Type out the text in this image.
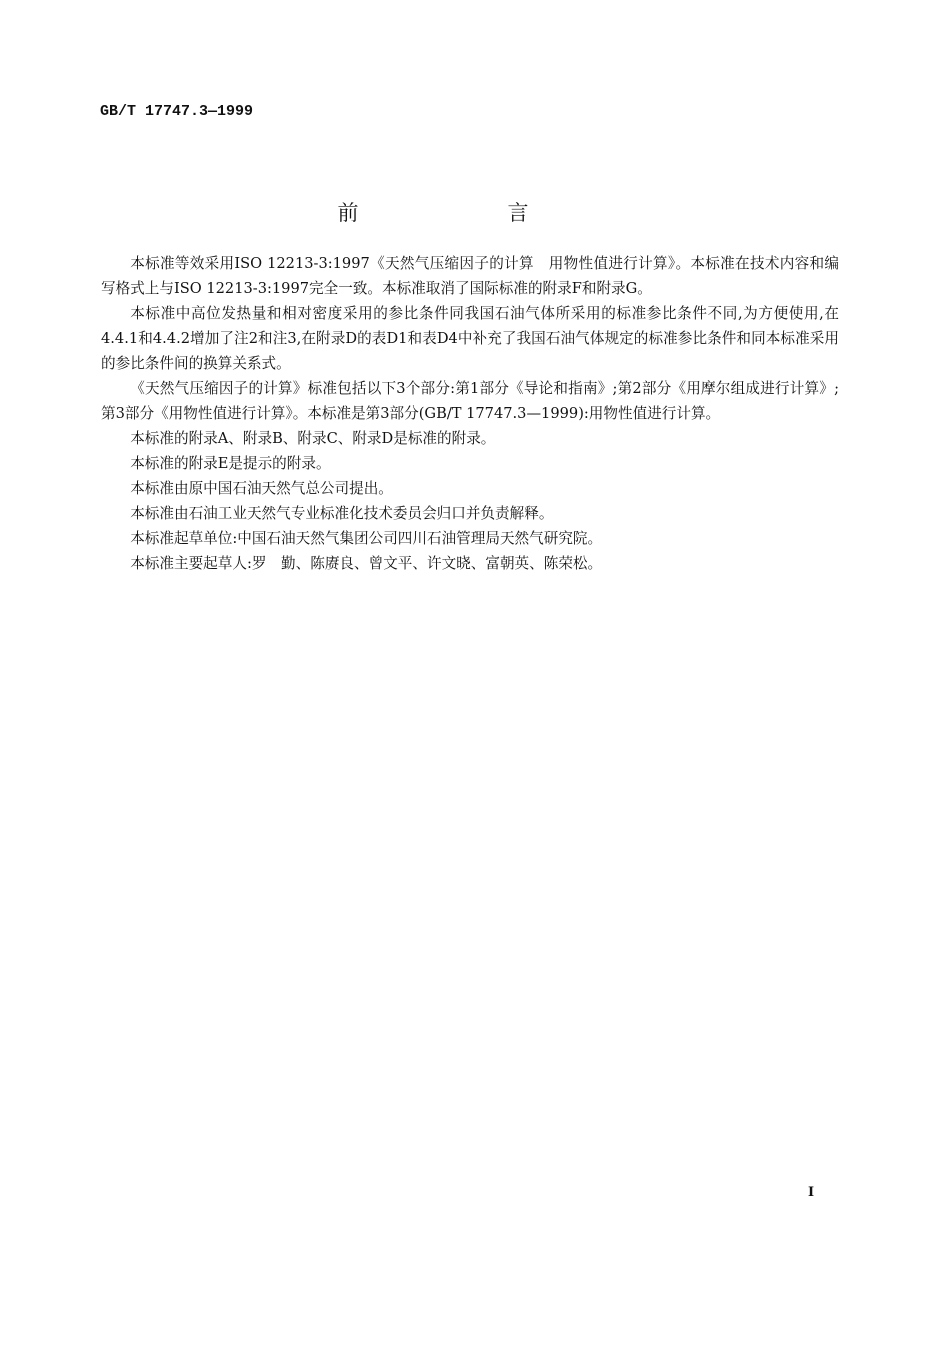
GB/T 17747.3—1999
前　言

本标准等效采用ISO 12213-3:1997《天然气压缩因子的计算　用物性值进行计算》。本标准在技术内容和编写格式上与ISO 12213-3:1997完全一致。本标准取消了国际标准的附录F和附录G。

本标准中高位发热量和相对密度采用的参比条件同我国石油气体所采用的标准参比条件不同,为方便使用,在4.4.1和4.4.2增加了注2和注3,在附录D的表D1和表D4中补充了我国石油气体规定的标准参比条件和同本标准采用的参比条件间的换算关系式。

《天然气压缩因子的计算》标准包括以下3个部分:第1部分《导论和指南》;第2部分《用摩尔组成进行计算》;第3部分《用物性值进行计算》。本标准是第3部分(GB/T 17747.3—1999):用物性值进行计算。

本标准的附录A、附录B、附录C、附录D是标准的附录。

本标准的附录E是提示的附录。

本标准由原中国石油天然气总公司提出。

本标准由石油工业天然气专业标准化技术委员会归口并负责解释。

本标准起草单位:中国石油天然气集团公司四川石油管理局天然气研究院。

本标准主要起草人:罗　勤、陈赓良、曾文平、许文晓、富朝英、陈荣松。

I
